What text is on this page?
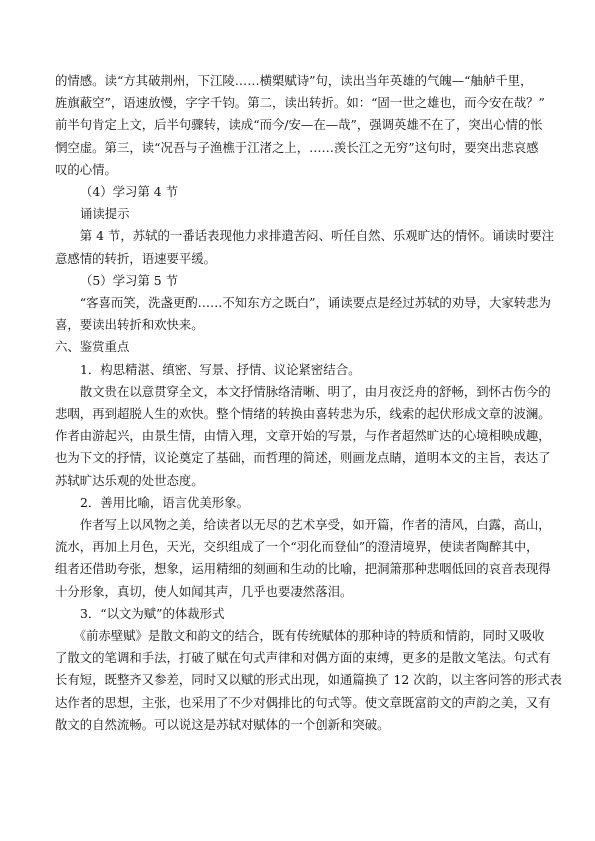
的情感。读“方其破荆州，下江陵……横槊赋诗”句，读出当年英雄的气魄—“舳舻千里，
旌旗蔽空”，语速放慢，字字千钧。第二，读出转折。如：“固一世之雄也，而今安在哉？”
前半句肯定上文，后半句骤转，读成“而今/安—在—哉”，强调英雄不在了，突出心情的怅
惘空虚。第三，读“况吾与子渔樵于江渚之上，……羡长江之无穷”这句时，要突出悲哀感
叹的心情。
（4）学习第 4 节
诵读提示
　　第 4 节，苏轼的一番话表现他力求排遣苦闷、听任自然、乐观旷达的情怀。诵读时要注
意感情的转折，语速要平缓。
（5）学习第 5 节
　　“客喜而笑，洗盏更酌……不知东方之既白”，诵读要点是经过苏轼的劝导，大家转悲为
喜，要读出转折和欢快来。
六、鉴赏重点
1．构思精湛、缜密、写景、抒情、议论紧密结合。
　　散文贵在以意贯穿全文，本文抒情脉络清晰、明了，由月夜泛舟的舒畅，到怀古伤今的
悲咽，再到超脱人生的欢快。整个情绪的转换由喜转悲为乐，线索的起伏形成文章的波澜。
作者由游起兴，由景生情，由情入理，文章开始的写景，与作者超然旷达的心境相映成趣，
也为下文的抒情，议论奠定了基础，而哲理的简述，则画龙点睛，道明本文的主旨，表达了
苏轼旷达乐观的处世态度。
2．善用比喻，语言优美形象。
　　作者写上以风物之美，给读者以无尽的艺术享受，如开篇，作者的清风，白露，高山，
流水，再加上月色，天光，交织组成了一个“羽化而登仙”的澄清境界，使读者陶醉其中，
组者还借助夸张，想象，运用精细的刻画和生动的比喻，把洞箫那种悲咽低回的哀音表现得
十分形象，真切，使人如闻其声，几乎也要凄然落泪。
3．“以文为赋”的体裁形式
　　《前赤壁赋》是散文和韵文的结合，既有传统赋体的那种诗的特质和情韵，同时又吸收
了散文的笔调和手法，打破了赋在句式声律和对偶方面的束缚，更多的是散文笔法。句式有
长有短，既整齐又参差，同时又以赋的形式出现，如通篇换了 12 次韵，以主客问答的形式表
达作者的思想，主张，也采用了不少对偶排比的句式等。使文章既富韵文的声韵之美，又有
散文的自然流畅。可以说这是苏轼对赋体的一个创新和突破。
